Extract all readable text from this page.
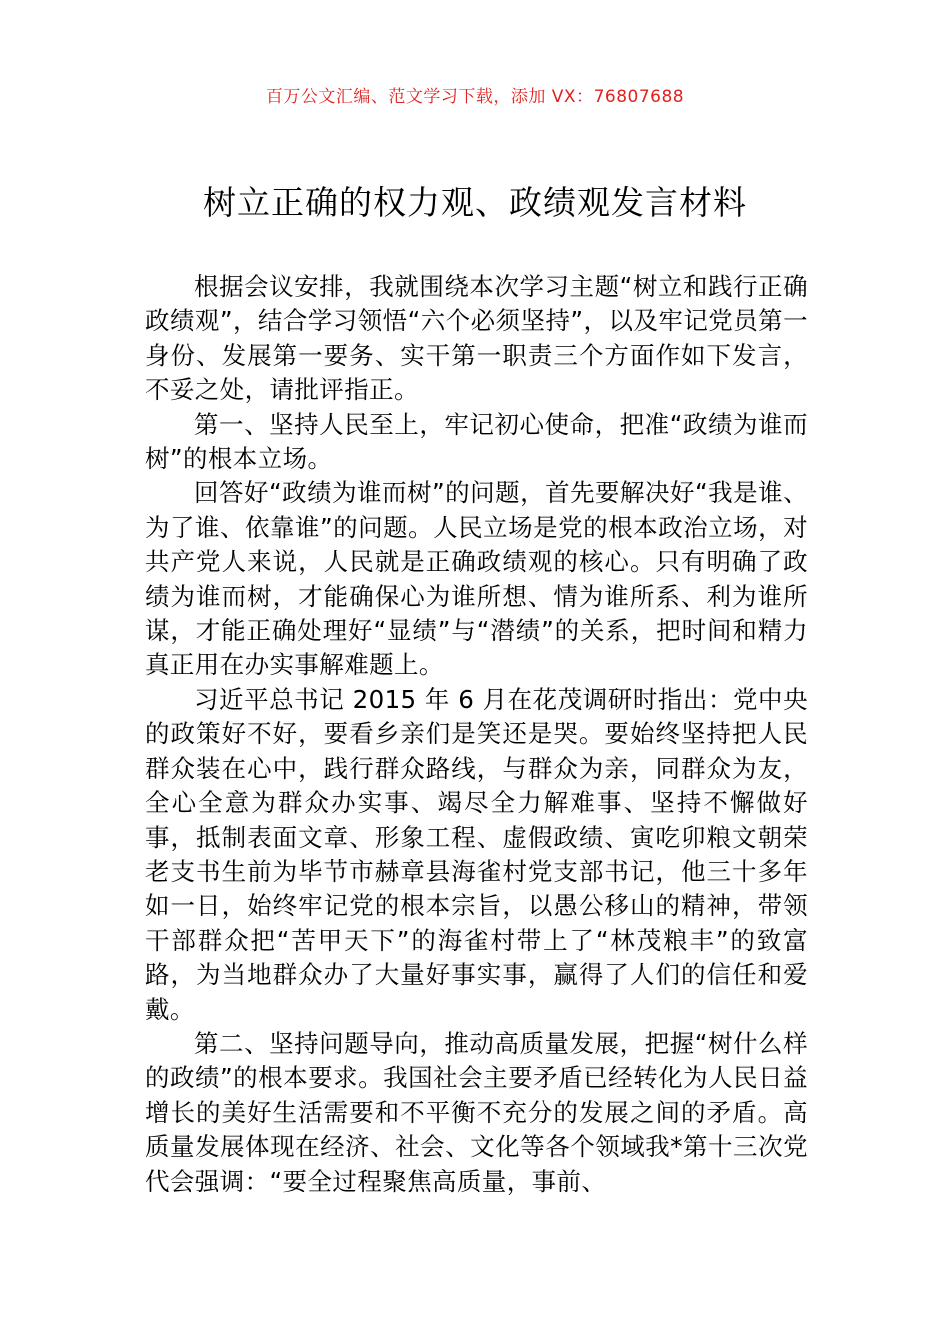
百万公文汇编、范文学习下载，添加 VX：76807688
树立正确的权力观、政绩观发言材料

根据会议安排，我就围绕本次学习主题“树立和践行正确政绩观”，结合学习领悟“六个必须坚持”，以及牢记党员第一身份、发展第一要务、实干第一职责三个方面作如下发言，不妥之处，请批评指正。

第一、坚持人民至上，牢记初心使命，把准“政绩为谁而树”的根本立场。

回答好“政绩为谁而树”的问题，首先要解决好“我是谁、为了谁、依靠谁”的问题。人民立场是党的根本政治立场，对共产党人来说，人民就是正确政绩观的核心。只有明确了政绩为谁而树，才能确保心为谁所想、情为谁所系、利为谁所谋，才能正确处理好“显绩”与“潜绩”的关系，把时间和精力真正用在办实事解难题上。

习近平总书记 2015 年 6 月在花茂调研时指出：党中央的政策好不好，要看乡亲们是笑还是哭。要始终坚持把人民群众装在心中，践行群众路线，与群众为亲，同群众为友，全心全意为群众办实事、竭尽全力解难事、坚持不懈做好事，抵制表面文章、形象工程、虚假政绩、寅吃卯粮文朝荣老支书生前为毕节市赫章县海雀村党支部书记，他三十多年如一日，始终牢记党的根本宗旨，以愚公移山的精神，带领干部群众把“苦甲天下”的海雀村带上了“林茂粮丰”的致富路，为当地群众办了大量好事实事，赢得了人们的信任和爱戴。

第二、坚持问题导向，推动高质量发展，把握“树什么样的政绩”的根本要求。我国社会主要矛盾已经转化为人民日益增长的美好生活需要和不平衡不充分的发展之间的矛盾。高质量发展体现在经济、社会、文化等各个领域我*第十三次党代会强调：“要全过程聚焦高质量，事前、
